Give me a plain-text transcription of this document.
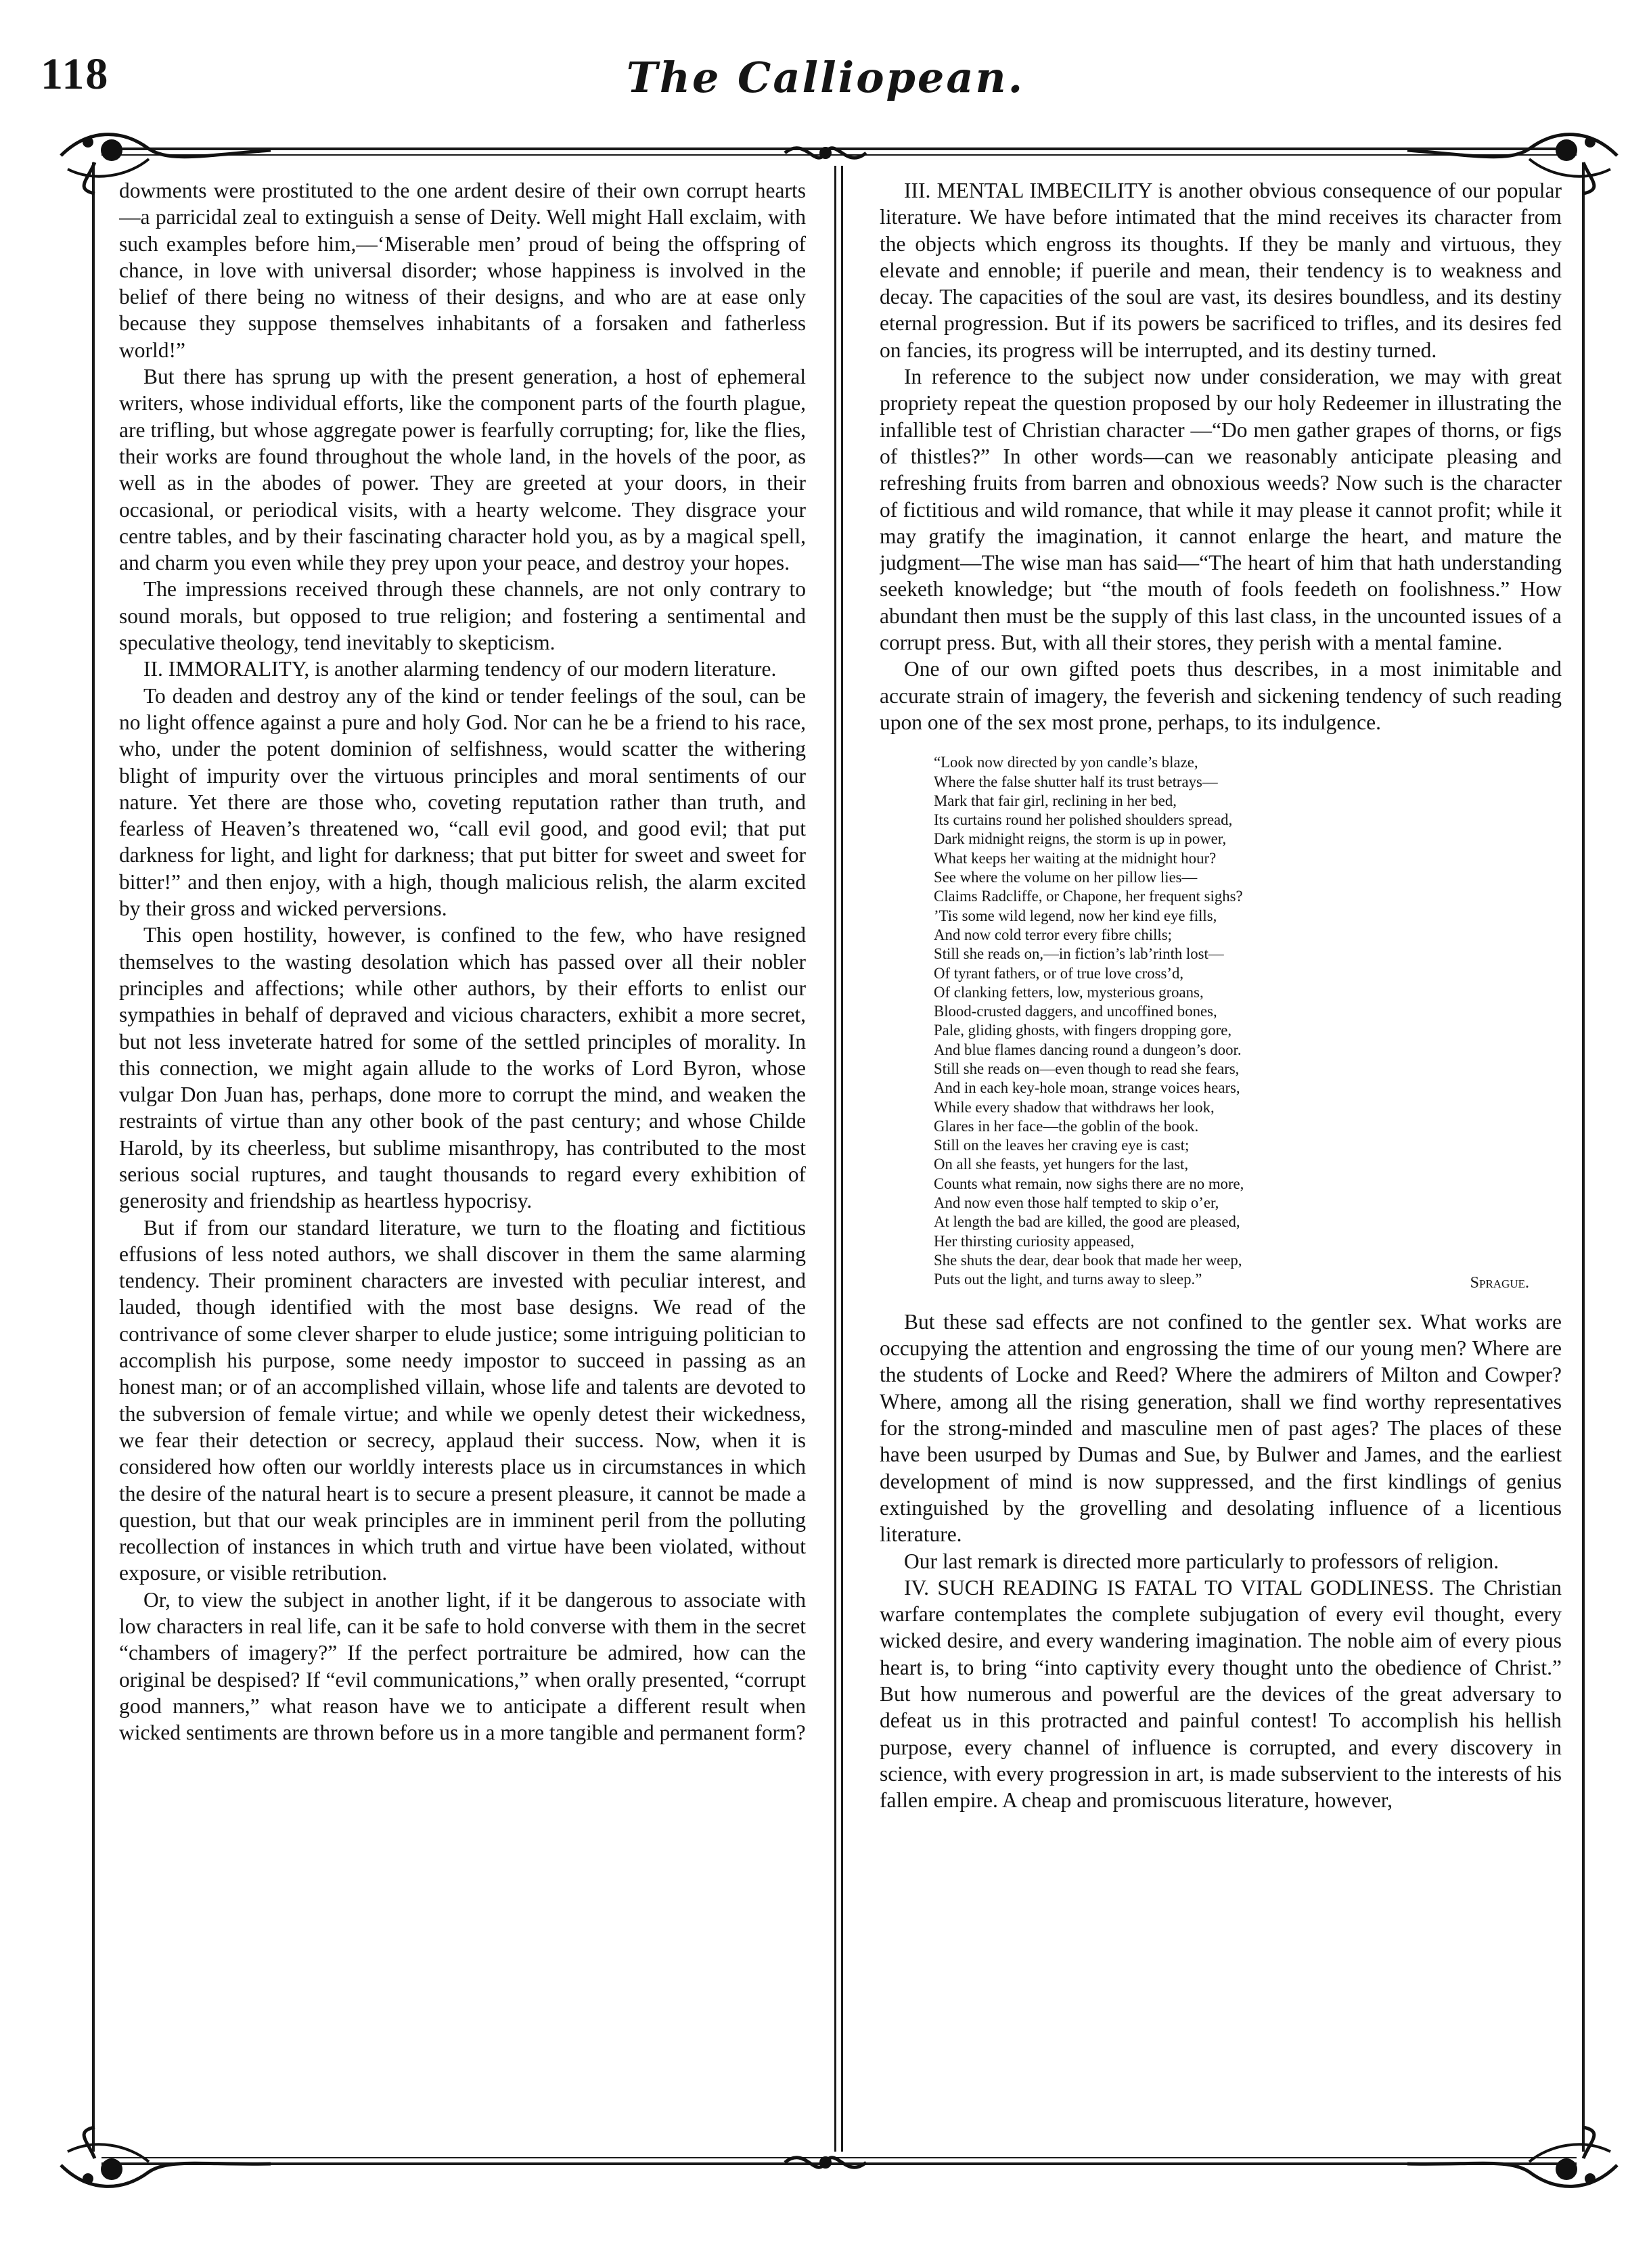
118	The Calliopean.

dowments were prostituted to the one ardent desire of their own corrupt hearts—a parricidal zeal to extinguish a sense of Deity. Well might Hall exclaim, with such examples before him,—‘Miserable men’ proud of being the offspring of chance, in love with universal disorder; whose happiness is involved in the belief of there being no witness of their designs, and who are at ease only because they suppose themselves inhabitants of a forsaken and fatherless world!”

But there has sprung up with the present generation, a host of ephemeral writers, whose individual efforts, like the component parts of the fourth plague, are trifling, but whose aggregate power is fearfully corrupting; for, like the flies, their works are found throughout the whole land, in the hovels of the poor, as well as in the abodes of power. They are greeted at your doors, in their occasional, or periodical visits, with a hearty welcome. They disgrace your centre tables, and by their fascinating character hold you, as by a magical spell, and charm you even while they prey upon your peace, and destroy your hopes.

The impressions received through these channels, are not only contrary to sound morals, but opposed to true religion; and fostering a sentimental and speculative theology, tend inevitably to skepticism.

II. IMMORALITY, is another alarming tendency of our modern literature.

To deaden and destroy any of the kind or tender feelings of the soul, can be no light offence against a pure and holy God. Nor can he be a friend to his race, who, under the potent dominion of selfishness, would scatter the withering blight of impurity over the virtuous principles and moral sentiments of our nature. Yet there are those who, coveting reputation rather than truth, and fearless of Heaven’s threatened wo, “call evil good, and good evil; that put darkness for light, and light for darkness; that put bitter for sweet and sweet for bitter!” and then enjoy, with a high, though malicious relish, the alarm excited by their gross and wicked perversions.

This open hostility, however, is confined to the few, who have resigned themselves to the wasting desolation which has passed over all their nobler principles and affections; while other authors, by their efforts to enlist our sympathies in behalf of depraved and vicious characters, exhibit a more secret, but not less inveterate hatred for some of the settled principles of morality. In this connection, we might again allude to the works of Lord Byron, whose vulgar Don Juan has, perhaps, done more to corrupt the mind, and weaken the restraints of virtue than any other book of the past century; and whose Childe Harold, by its cheerless, but sublime misanthropy, has contributed to the most serious social ruptures, and taught thousands to regard every exhibition of generosity and friendship as heartless hypocrisy.

But if from our standard literature, we turn to the floating and fictitious effusions of less noted authors, we shall discover in them the same alarming tendency. Their prominent characters are invested with peculiar interest, and lauded, though identified with the most base designs. We read of the contrivance of some clever sharper to elude justice; some intriguing politician to accomplish his purpose, some needy impostor to succeed in passing as an honest man; or of an accomplished villain, whose life and talents are devoted to the subversion of female virtue; and while we openly detest their wickedness, we fear their detection or secrecy, applaud their success. Now, when it is considered how often our worldly interests place us in circumstances in which the desire of the natural heart is to secure a present pleasure, it cannot be made a question, but that our weak principles are in imminent peril from the polluting recollection of instances in which truth and virtue have been violated, without exposure, or visible retribution.

Or, to view the subject in another light, if it be dangerous to associate with low characters in real life, can it be safe to hold converse with them in the secret “chambers of imagery?” If the perfect portraiture be admired, how can the original be despised? If “evil communications,” when orally presented, “corrupt good manners,” what reason have we to anticipate a different result when wicked sentiments are thrown before us in a more tangible and permanent form?

III. MENTAL IMBECILITY is another obvious consequence of our popular literature. We have before intimated that the mind receives its character from the objects which engross its thoughts. If they be manly and virtuous, they elevate and ennoble; if puerile and mean, their tendency is to weakness and decay. The capacities of the soul are vast, its desires boundless, and its destiny eternal progression. But if its powers be sacrificed to trifles, and its desires fed on fancies, its progress will be interrupted, and its destiny turned.

In reference to the subject now under consideration, we may with great propriety repeat the question proposed by our holy Redeemer in illustrating the infallible test of Christian character —“Do men gather grapes of thorns, or figs of thistles?” In other words—can we reasonably anticipate pleasing and refreshing fruits from barren and obnoxious weeds? Now such is the character of fictitious and wild romance, that while it may please it cannot profit; while it may gratify the imagination, it cannot enlarge the heart, and mature the judgment—The wise man has said—“The heart of him that hath understanding seeketh knowledge; but “the mouth of fools feedeth on foolishness.” How abundant then must be the supply of this last class, in the uncounted issues of a corrupt press. But, with all their stores, they perish with a mental famine.

One of our own gifted poets thus describes, in a most inimitable and accurate strain of imagery, the feverish and sickening tendency of such reading upon one of the sex most prone, perhaps, to its indulgence.

“Look now directed by yon candle’s blaze,
Where the false shutter half its trust betrays—
Mark that fair girl, reclining in her bed,
Its curtains round her polished shoulders spread,
Dark midnight reigns, the storm is up in power,
What keeps her waiting at the midnight hour?
See where the volume on her pillow lies—
Claims Radcliffe, or Chapone, her frequent sighs?
’Tis some wild legend, now her kind eye fills,
And now cold terror every fibre chills;
Still she reads on,—in fiction’s lab’rinth lost—
Of tyrant fathers, or of true love cross’d,
Of clanking fetters, low, mysterious groans,
Blood-crusted daggers, and uncoffined bones,
Pale, gliding ghosts, with fingers dropping gore,
And blue flames dancing round a dungeon’s door.
Still she reads on—even though to read she fears,
And in each key-hole moan, strange voices hears,
While every shadow that withdraws her look,
Glares in her face—the goblin of the book.
Still on the leaves her craving eye is cast;
On all she feasts, yet hungers for the last,
Counts what remain, now sighs there are no more,
And now even those half tempted to skip o’er,
At length the bad are killed, the good are pleased,
Her thirsting curiosity appeased,
She shuts the dear, dear book that made her weep,
Puts out the light, and turns away to sleep.”	Sprague.

But these sad effects are not confined to the gentler sex. What works are occupying the attention and engrossing the time of our young men? Where are the students of Locke and Reed? Where the admirers of Milton and Cowper? Where, among all the rising generation, shall we find worthy representatives for the strong-minded and masculine men of past ages? The places of these have been usurped by Dumas and Sue, by Bulwer and James, and the earliest development of mind is now suppressed, and the first kindlings of genius extinguished by the grovelling and desolating influence of a licentious literature.

Our last remark is directed more particularly to professors of religion.

IV. SUCH READING IS FATAL TO VITAL GODLINESS. The Christian warfare contemplates the complete subjugation of every evil thought, every wicked desire, and every wandering imagination. The noble aim of every pious heart is, to bring “into captivity every thought unto the obedience of Christ.” But how numerous and powerful are the devices of the great adversary to defeat us in this protracted and painful contest! To accomplish his hellish purpose, every channel of influence is corrupted, and every discovery in science, with every progression in art, is made subservient to the interests of his fallen empire. A cheap and promiscuous literature, however,
